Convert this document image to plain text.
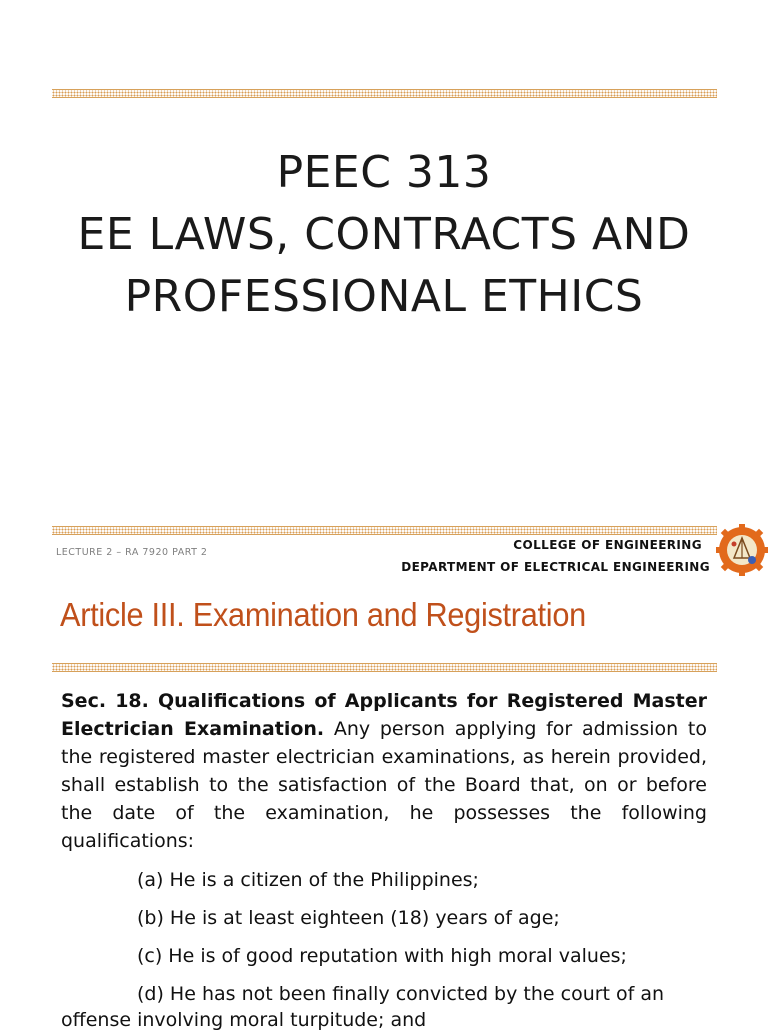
PEEC 313
EE LAWS, CONTRACTS AND
PROFESSIONAL ETHICS
LECTURE 2 – RA 7920 PART 2
COLLEGE OF ENGINEERING
DEPARTMENT OF ELECTRICAL ENGINEERING
Article III. Examination and Registration
Sec. 18. Qualifications of Applicants for Registered Master Electrician Examination. Any person applying for admission to the registered master electrician examinations, as herein provided, shall establish to the satisfaction of the Board that, on or before the date of the examination, he possesses the following qualifications:
(a) He is a citizen of the Philippines;
(b) He is at least eighteen (18) years of age;
(c) He is of good reputation with high moral values;
(d) He has not been finally convicted by the court of an
offense involving moral turpitude; and
